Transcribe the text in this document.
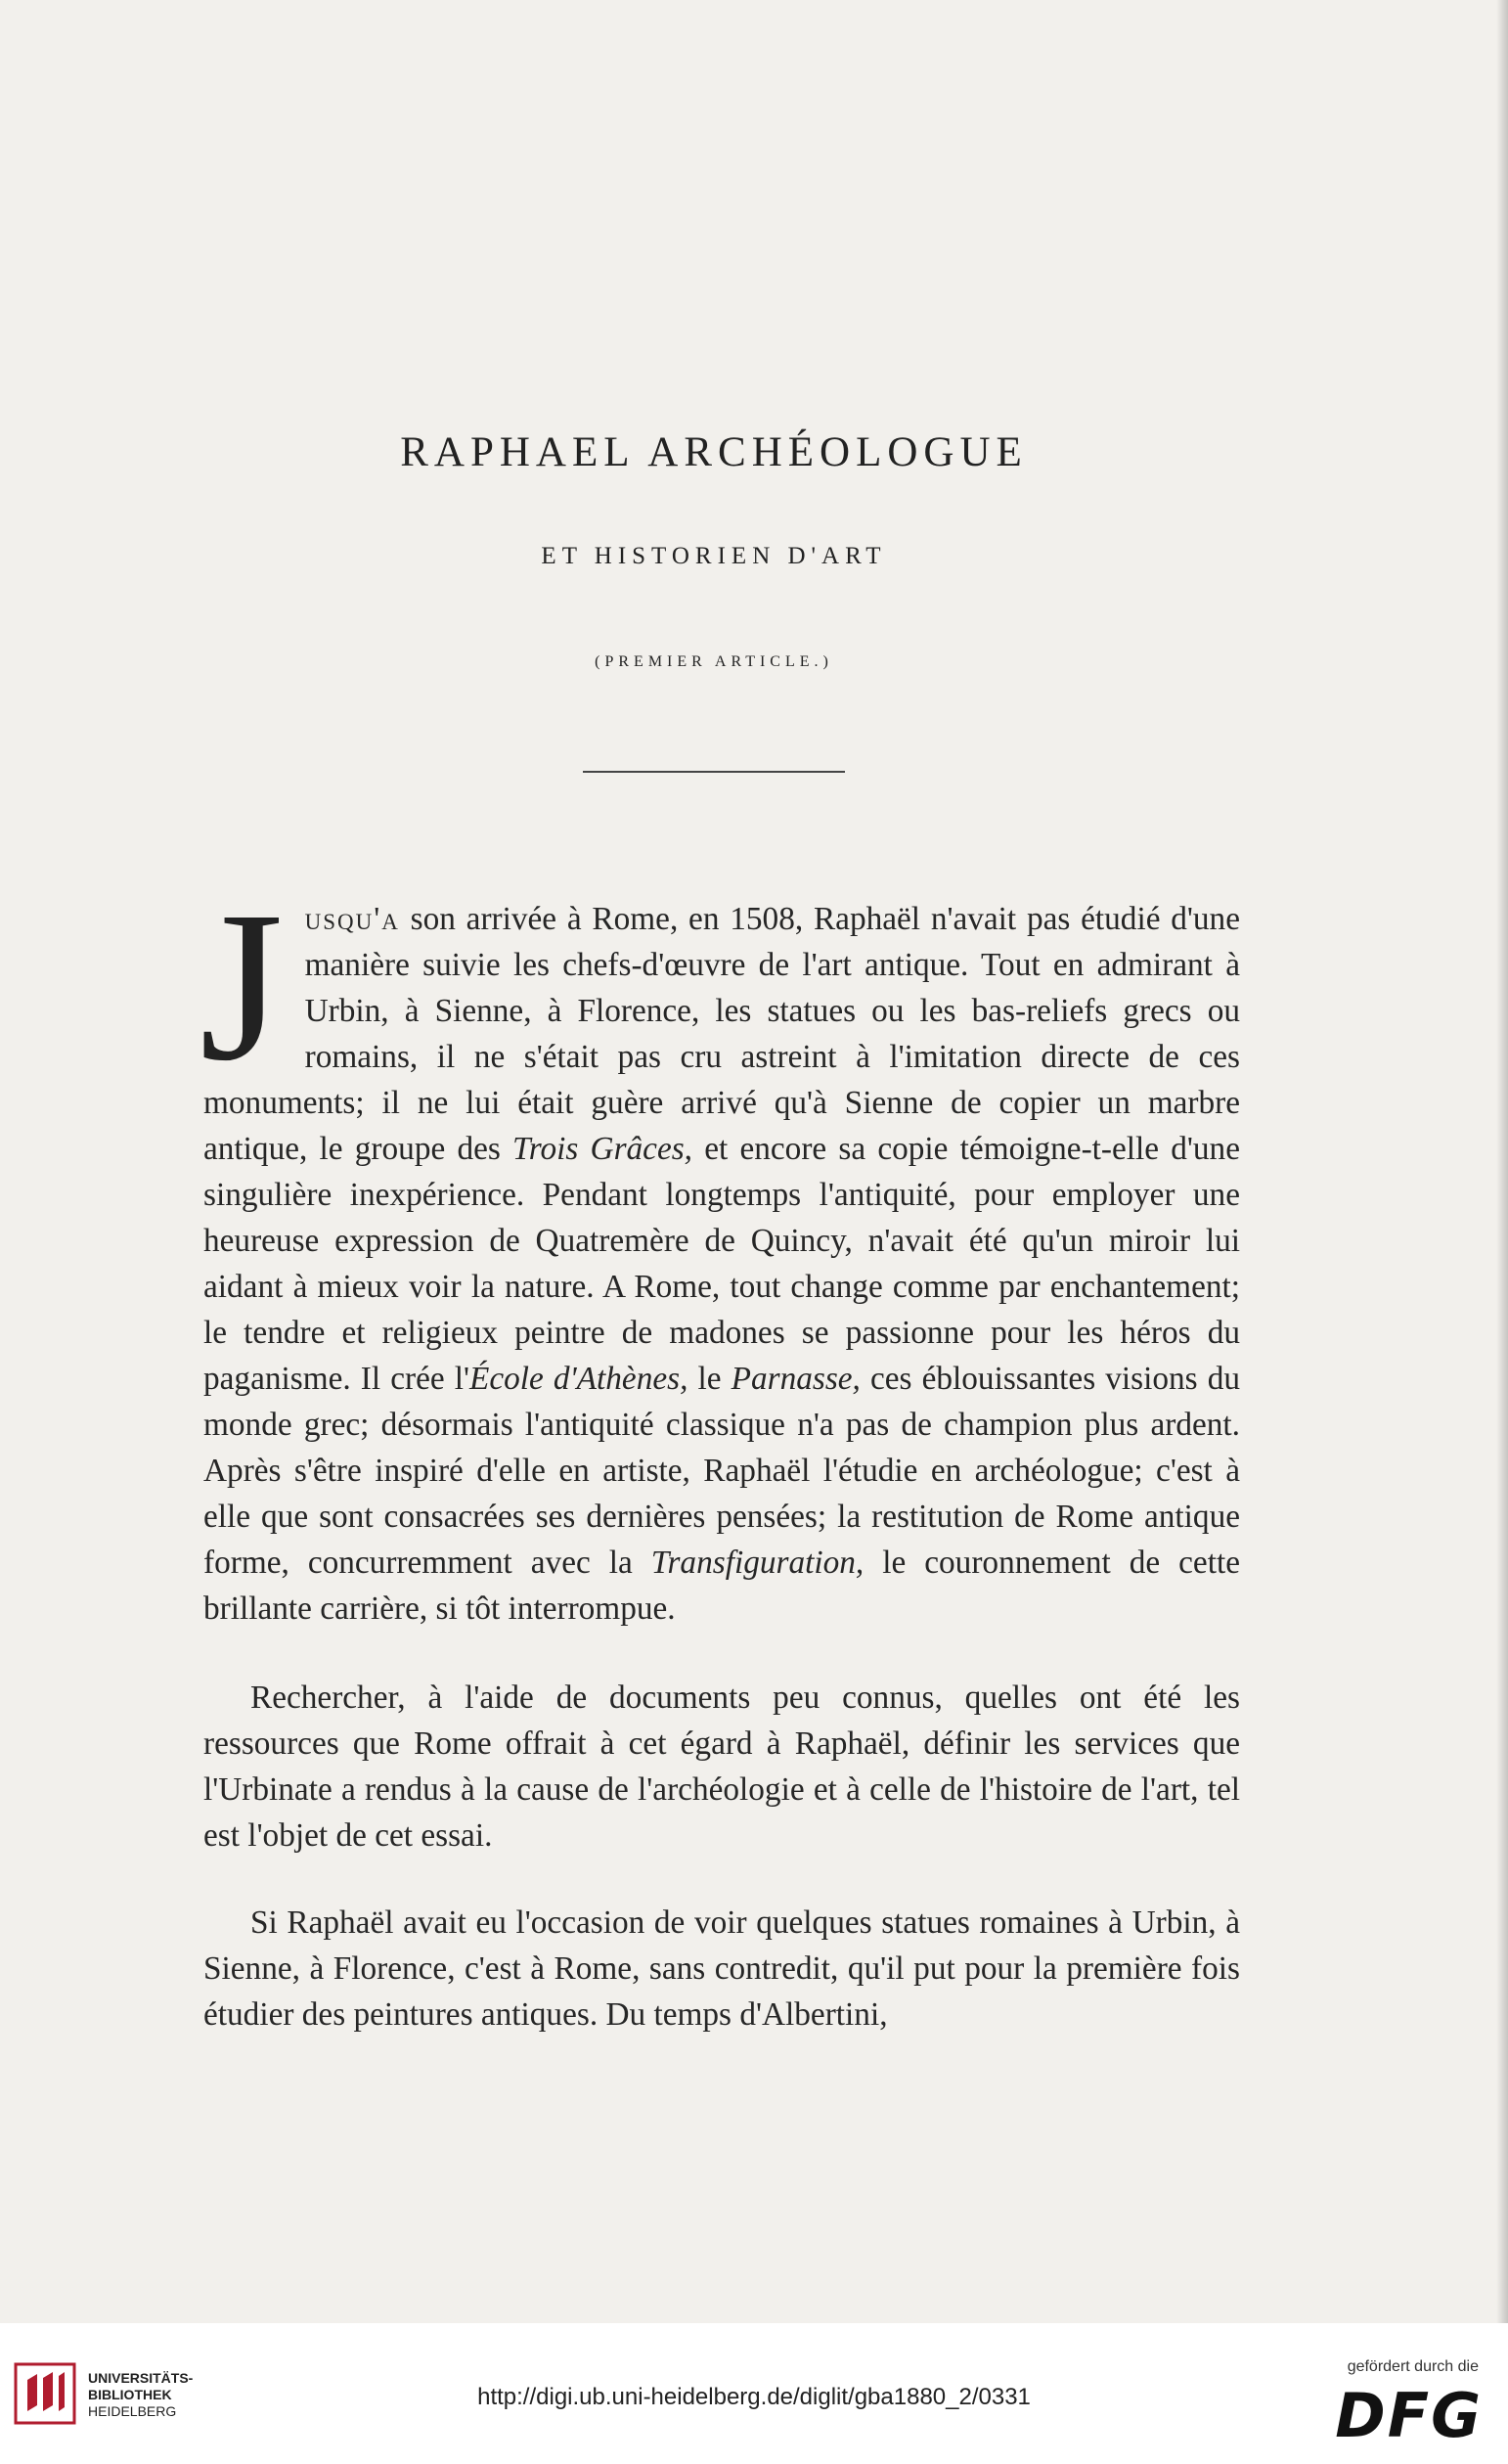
RAPHAEL ARCHÉOLOGUE
ET HISTORIEN D'ART
(PREMIER ARTICLE.)

Jusqu'a son arrivée à Rome, en 1508, Raphaël n'avait pas étudié d'une manière suivie les chefs-d'œuvre de l'art antique. Tout en admirant à Urbin, à Sienne, à Florence, les statues ou les bas-reliefs grecs ou romains, il ne s'était pas cru astreint à l'imitation directe de ces monuments; il ne lui était guère arrivé qu'à Sienne de copier un marbre antique, le groupe des Trois Grâces, et encore sa copie témoigne-t-elle d'une singulière inexpérience. Pendant longtemps l'antiquité, pour employer une heureuse expression de Quatremère de Quincy, n'avait été qu'un miroir lui aidant à mieux voir la nature. A Rome, tout change comme par enchantement; le tendre et religieux peintre de madones se passionne pour les héros du paganisme. Il crée l'École d'Athènes, le Parnasse, ces éblouissantes visions du monde grec; désormais l'antiquité classique n'a pas de champion plus ardent. Après s'être inspiré d'elle en artiste, Raphaël l'étudie en archéologue; c'est à elle que sont consacrées ses dernières pensées; la restitution de Rome antique forme, concurremment avec la Transfiguration, le couronnement de cette brillante carrière, si tôt interrompue.

Rechercher, à l'aide de documents peu connus, quelles ont été les ressources que Rome offrait à cet égard à Raphaël, définir les services que l'Urbinate a rendus à la cause de l'archéologie et à celle de l'histoire de l'art, tel est l'objet de cet essai.

Si Raphaël avait eu l'occasion de voir quelques statues romaines à Urbin, à Sienne, à Florence, c'est à Rome, sans contredit, qu'il put pour la première fois étudier des peintures antiques. Du temps d'Albertini,

UNIVERSITÄTS-
BIBLIOTHEK
HEIDELBERG
http://digi.ub.uni-heidelberg.de/diglit/gba1880_2/0331
gefördert durch die
DFG
